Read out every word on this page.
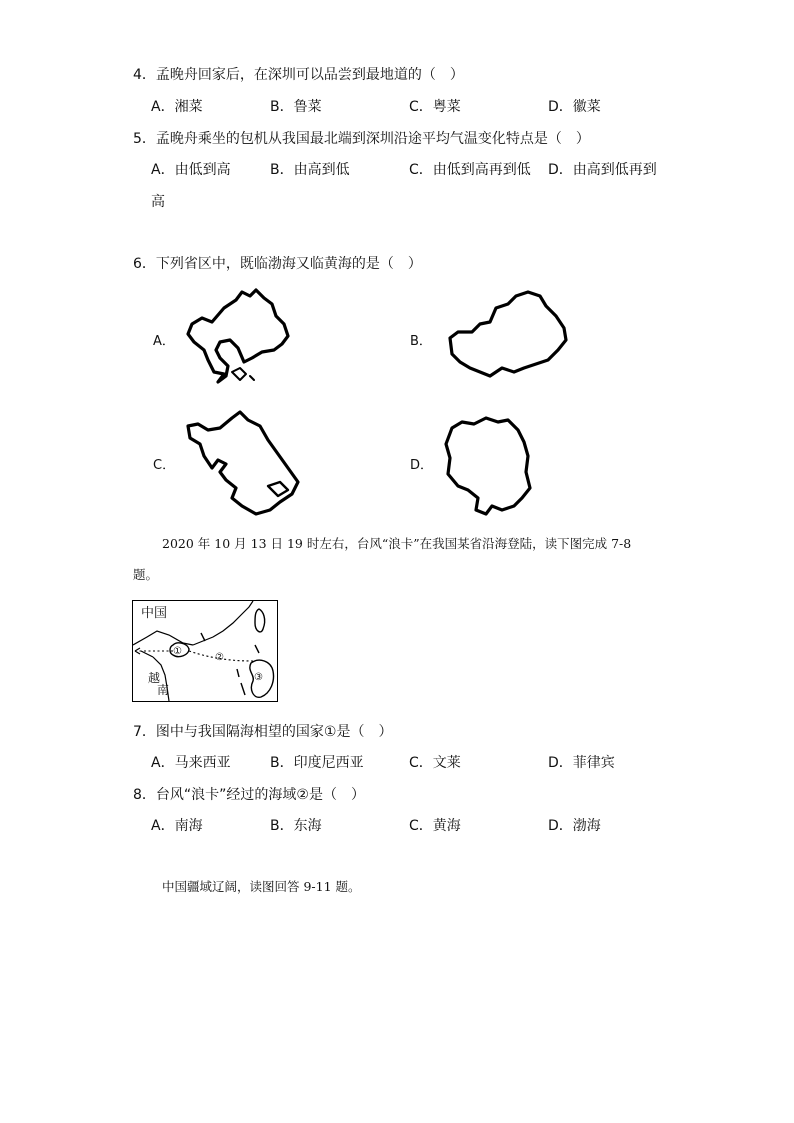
4．孟晚舟回家后，在深圳可以品尝到最地道的（　）
A．湘菜	B．鲁菜	C．粤菜	D．徽菜
5．孟晚舟乘坐的包机从我国最北端到深圳沿途平均气温变化特点是（　）
A．由低到高	B．由高到低	C．由低到高再到低 D．由高到低再到
高
6．下列省区中，既临渤海又临黄海的是（　）
A．	B．
C．	D．
2020 年 10 月 13 日 19 时左右，台风“浪卡”在我国某省沿海登陆，读下图完成 7-8
题。
中国
越
南
①
②
③
7．图中与我国隔海相望的国家①是（　）
A．马来西亚	B．印度尼西亚	C．文莱	D．菲律宾
8．台风“浪卡”经过的海域②是（　）
A．南海	B．东海	C．黄海	D．渤海
中国疆域辽阔，读图回答 9-11 题。
